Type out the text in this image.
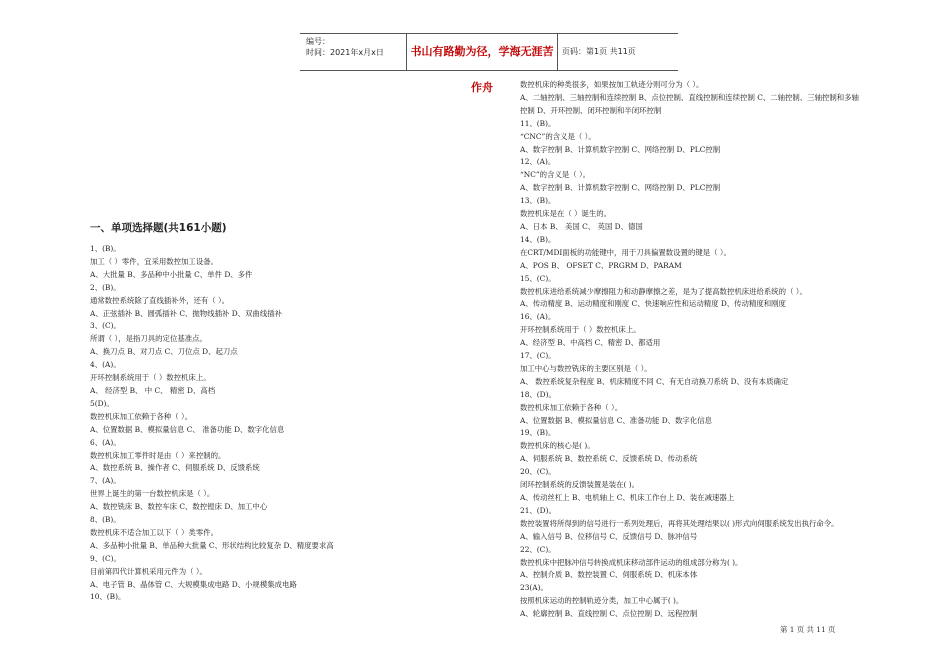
编号：
时间：2021年x月x日	书山有路勤为径，学海无涯苦作舟
页码：第1页 共11页
一、单项选择题(共161小题)
1、(B)。
加工（ ）零件，宜采用数控加工设备。
A、大批量 B、多品种中小批量 C、单件 D、多件
2、(B)。
通常数控系统除了直线插补外，还有（ ）。
A、正弦插补 B、圆弧插补 C、抛物线插补 D、双曲线插补
3、(C)。
所谓（ ），是指刀具的定位基准点。
A、换刀点 B、对刀点 C、刀位点 D、起刀点
4、(A)。
开环控制系统用于（ ）数控机床上。
A、 经济型 B、 中 C、 精密 D、高档
5(D)。
数控机床加工依赖于各种（ ）。
A、位置数据 B、模拟量信息 C、 准备功能 D、数字化信息
6、(A)。
数控机床加工零件时是由（ ）来控制的。
A、数控系统 B、操作者 C、伺服系统 D、反馈系统
7、(A)。
世界上诞生的第一台数控机床是（ ）。
A、数控铣床 B、数控车床 C、数控镗床 D、加工中心
8、(B)。
数控机床不适合加工以下（ ）类零件。
A、多品种小批量 B、单品种大批量 C、形状结构比较复杂 D、精度要求高
9、(C)。
目前第四代计算机采用元件为（ ）。
A、电子管 B、晶体管 C、大规模集成电路 D、小规模集成电路
10、(B)。
数控机床的种类很多，如果按加工轨迹分则可分为（ ）。
A、二轴控制、三轴控制和连续控制 B、点位控制、直线控制和连续控制 C、二轴控制、三轴控制和多轴
控制 D、开环控制、闭环控制和半闭环控制
11、(B)。
“CNC”的含义是（ ）。
A、数字控制 B、计算机数字控制 C、网络控制 D、PLC控制
12、(A)。
“NC”的含义是（ ）。
A、数字控制 B、计算机数字控制 C、网络控制 D、PLC控制
13、(B)。
数控机床是在（ ）诞生的。
A、日本 B、 美国 C、 英国 D、德国
14、(B)。
在CRT/MDI面板的功能键中，用于刀具偏置数设置的键是（ ）。
A、POS B、 OFSET C、PRGRM D、PARAM
15、(C)。
数控机床进给系统减少摩擦阻力和动静摩擦之差，是为了提高数控机床进给系统的（ ）。
A、传动精度 B、运动精度和刚度 C、快速响应性和运动精度 D、传动精度和刚度
16、(A)。
开环控制系统用于（ ）数控机床上。
A、经济型 B、中高档 C、精密 D、都适用
17、(C)。
加工中心与数控铣床的主要区别是（ ）。
A、 数控系统复杂程度 B、机床精度不同 C、有无自动换刀系统 D、没有本质确定
18、(D)。
数控机床加工依赖于各种（ ）。
A、位置数据 B、模拟量信息 C、准备功能 D、数字化信息
19、(B)。
数控机床的核心是( )。
A、伺服系统 B、数控系统 C、反馈系统 D、传动系统
20、(C)。
闭环控制系统的反馈装置是装在( )。
A、传动丝杠上 B、电机轴上 C、机床工作台上 D、装在减速器上
21、(D)。
数控装置将所得到的信号进行一系列处理后，再将其处理结果以( )形式向伺服系统发出执行命令。
A、输入信号 B、位移信号 C、反馈信号 D、脉冲信号
22、(C)。
数控机床中把脉冲信号转换成机床移动部件运动的组成部分称为( )。
A、控制介质 B、数控装置 C、伺服系统 D、机床本体
23(A)。
按照机床运动的控制轨迹分类，加工中心属于( )。
A、轮廓控制 B、直线控制 C、点位控制 D、远程控制
第 1 页 共 11 页
